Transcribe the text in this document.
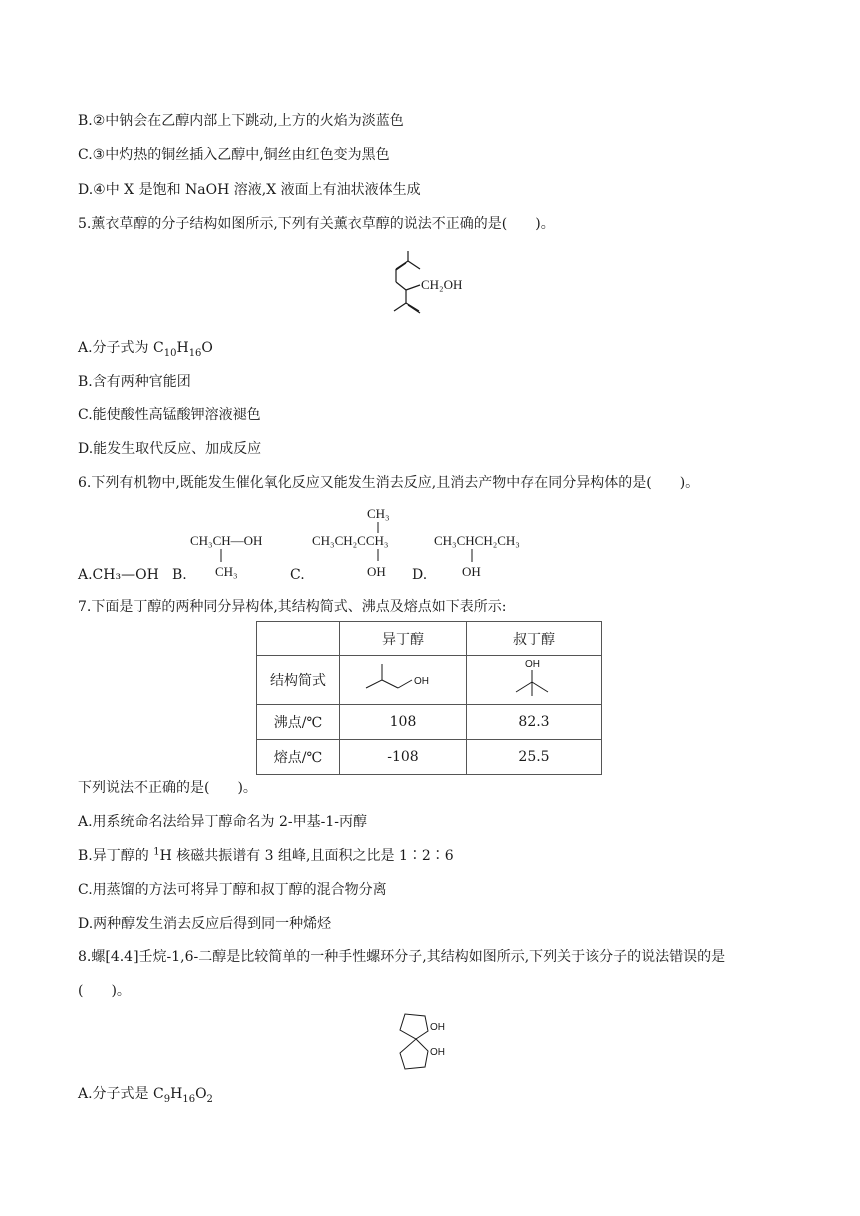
B.②中钠会在乙醇内部上下跳动,上方的火焰为淡蓝色
C.③中灼热的铜丝插入乙醇中,铜丝由红色变为黑色
D.④中 X 是饱和 NaOH 溶液,X 液面上有油状液体生成
5.薰衣草醇的分子结构如图所示,下列有关薰衣草醇的说法不正确的是(　　)。
CH₂OH
A.分子式为 $C_{10}H_{16}O$
B.含有两种官能团
C.能使酸性高锰酸钾溶液褪色
D.能发生取代反应、加成反应
6.下列有机物中,既能发生催化氧化反应又能发生消去反应,且消去产物中存在同分异构体的是(　　)。
A.CH₃—OH B.	C.	D.
CH₃CH—OH
CH₃
CH₃
CH₃CH₂CCH₃
OH
CH₃CHCH₂CH₃
OH
7.下面是丁醇的两种同分异构体,其结构简式、沸点及熔点如下表所示:
	异丁醇	叔丁醇
结构简式	OH	OH

沸点/℃	108	82.3
熔点/℃	-108	25.5
下列说法不正确的是(　　)。
A.用系统命名法给异丁醇命名为 2-甲基-1-丙醇
B.异丁醇的 $^1$H 核磁共振谱有 3 组峰,且面积之比是 1∶2∶6
C.用蒸馏的方法可将异丁醇和叔丁醇的混合物分离
D.两种醇发生消去反应后得到同一种烯烃
8.螺[4.4]壬烷-1,6-二醇是比较简单的一种手性螺环分子,其结构如图所示,下列关于该分子的说法错误的是
(　　)。
OH
OH
A.分子式是 $C_9H_{16}O_2$
